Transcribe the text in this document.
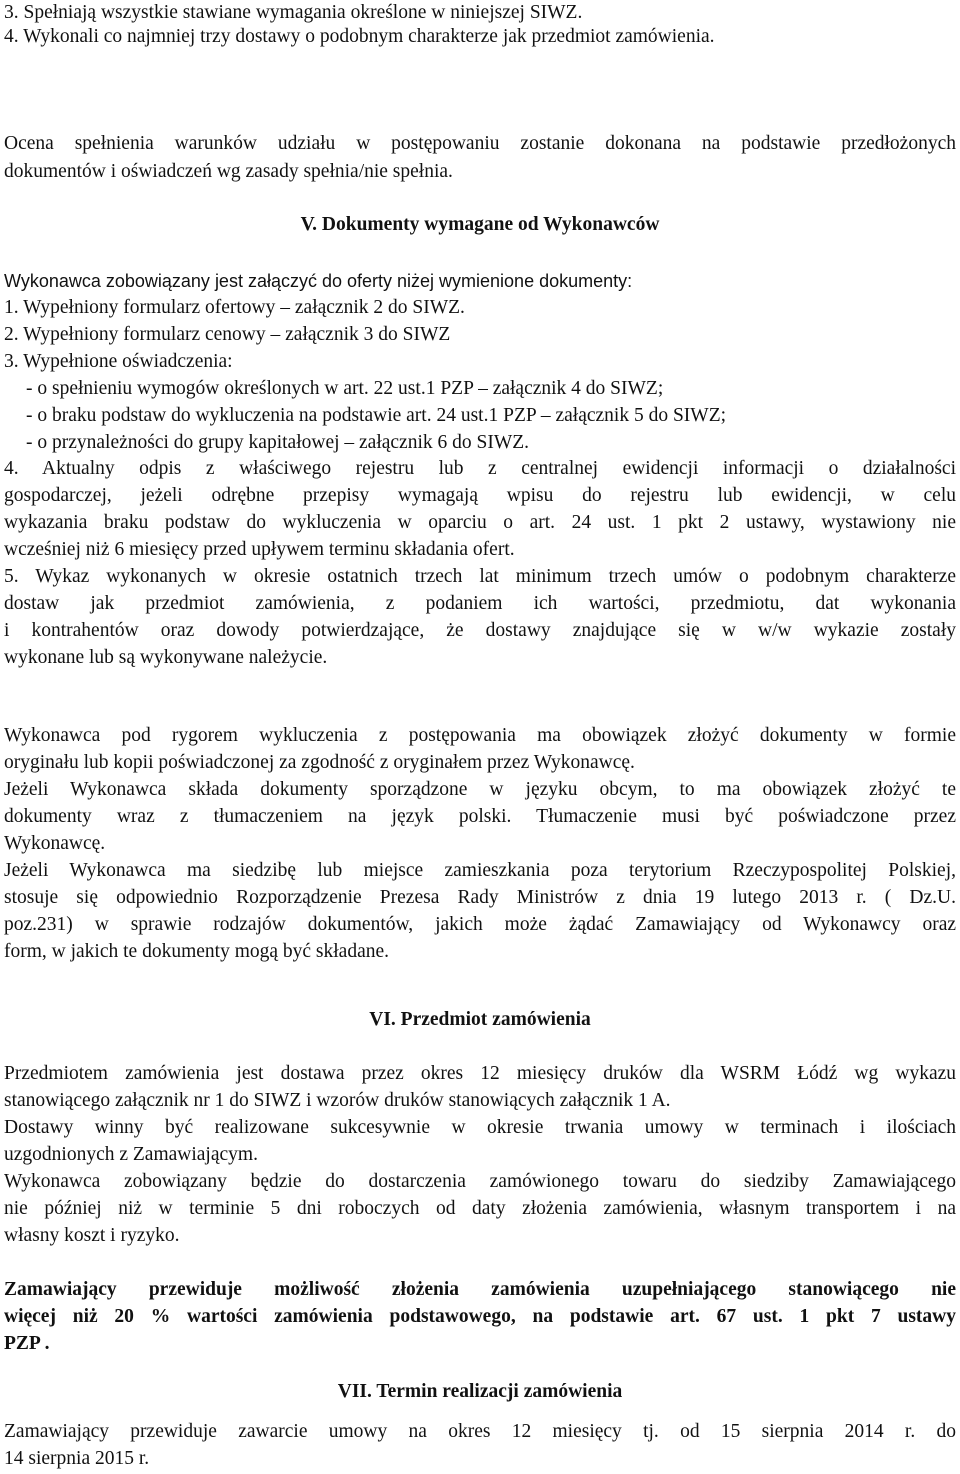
3. Spełniają wszystkie stawiane wymagania określone w niniejszej SIWZ.
4. Wykonali co najmniej trzy dostawy o podobnym charakterze jak przedmiot zamówienia.
Ocena spełnienia warunków udziału w postępowaniu zostanie dokonana na podstawie przedłożonych
dokumentów i oświadczeń wg zasady spełnia/nie spełnia.
V. Dokumenty wymagane od Wykonawców
Wykonawca zobowiązany jest załączyć do oferty niżej wymienione dokumenty:
1. Wypełniony formularz ofertowy – załącznik 2 do SIWZ.
2. Wypełniony formularz cenowy – załącznik 3 do SIWZ
3. Wypełnione oświadczenia:
- o spełnieniu wymogów określonych w art. 22 ust.1 PZP – załącznik 4 do SIWZ;
- o braku podstaw do wykluczenia na podstawie art. 24 ust.1 PZP – załącznik 5 do SIWZ;
- o przynależności do grupy kapitałowej – załącznik 6 do SIWZ.
4. Aktualny odpis z właściwego rejestru lub z centralnej ewidencji informacji o działalności
gospodarczej, jeżeli odrębne przepisy wymagają wpisu do rejestru lub ewidencji, w celu
wykazania braku podstaw do wykluczenia w oparciu o art. 24 ust. 1 pkt 2 ustawy, wystawiony nie
wcześniej niż 6 miesięcy przed upływem terminu składania ofert.
5. Wykaz wykonanych w okresie ostatnich trzech lat minimum trzech umów o podobnym charakterze
dostaw jak przedmiot zamówienia, z podaniem ich wartości, przedmiotu, dat wykonania
i kontrahentów oraz dowody potwierdzające, że dostawy znajdujące się w w/w wykazie zostały
wykonane lub są wykonywane należycie.
Wykonawca pod rygorem wykluczenia z postępowania ma obowiązek złożyć dokumenty w formie
oryginału lub kopii poświadczonej za zgodność z oryginałem przez Wykonawcę.
Jeżeli Wykonawca składa dokumenty sporządzone w języku obcym, to ma obowiązek złożyć te
dokumenty wraz z tłumaczeniem na język polski. Tłumaczenie musi być poświadczone przez
Wykonawcę.
Jeżeli Wykonawca ma siedzibę lub miejsce zamieszkania poza terytorium Rzeczypospolitej Polskiej,
stosuje się odpowiednio Rozporządzenie Prezesa Rady Ministrów z dnia 19 lutego 2013 r. ( Dz.U.
poz.231) w sprawie rodzajów dokumentów, jakich może żądać Zamawiający od Wykonawcy oraz
form, w jakich te dokumenty mogą być składane.
VI. Przedmiot zamówienia
Przedmiotem zamówienia jest dostawa przez okres 12 miesięcy druków dla WSRM Łódź wg wykazu
stanowiącego załącznik nr 1 do SIWZ i wzorów druków stanowiących załącznik 1 A.
Dostawy winny być realizowane sukcesywnie w okresie trwania umowy w terminach i ilościach
uzgodnionych z Zamawiającym.
Wykonawca zobowiązany będzie do dostarczenia zamówionego towaru do siedziby Zamawiającego
nie później niż w terminie 5 dni roboczych od daty złożenia zamówienia, własnym transportem i na
własny koszt i ryzyko.
Zamawiający przewiduje możliwość złożenia zamówienia uzupełniającego stanowiącego nie
więcej niż 20 % wartości zamówienia podstawowego, na podstawie art. 67 ust. 1 pkt 7 ustawy
PZP .
VII. Termin realizacji zamówienia
Zamawiający przewiduje zawarcie umowy na okres 12 miesięcy tj. od 15 sierpnia 2014 r. do
14 sierpnia 2015 r.
